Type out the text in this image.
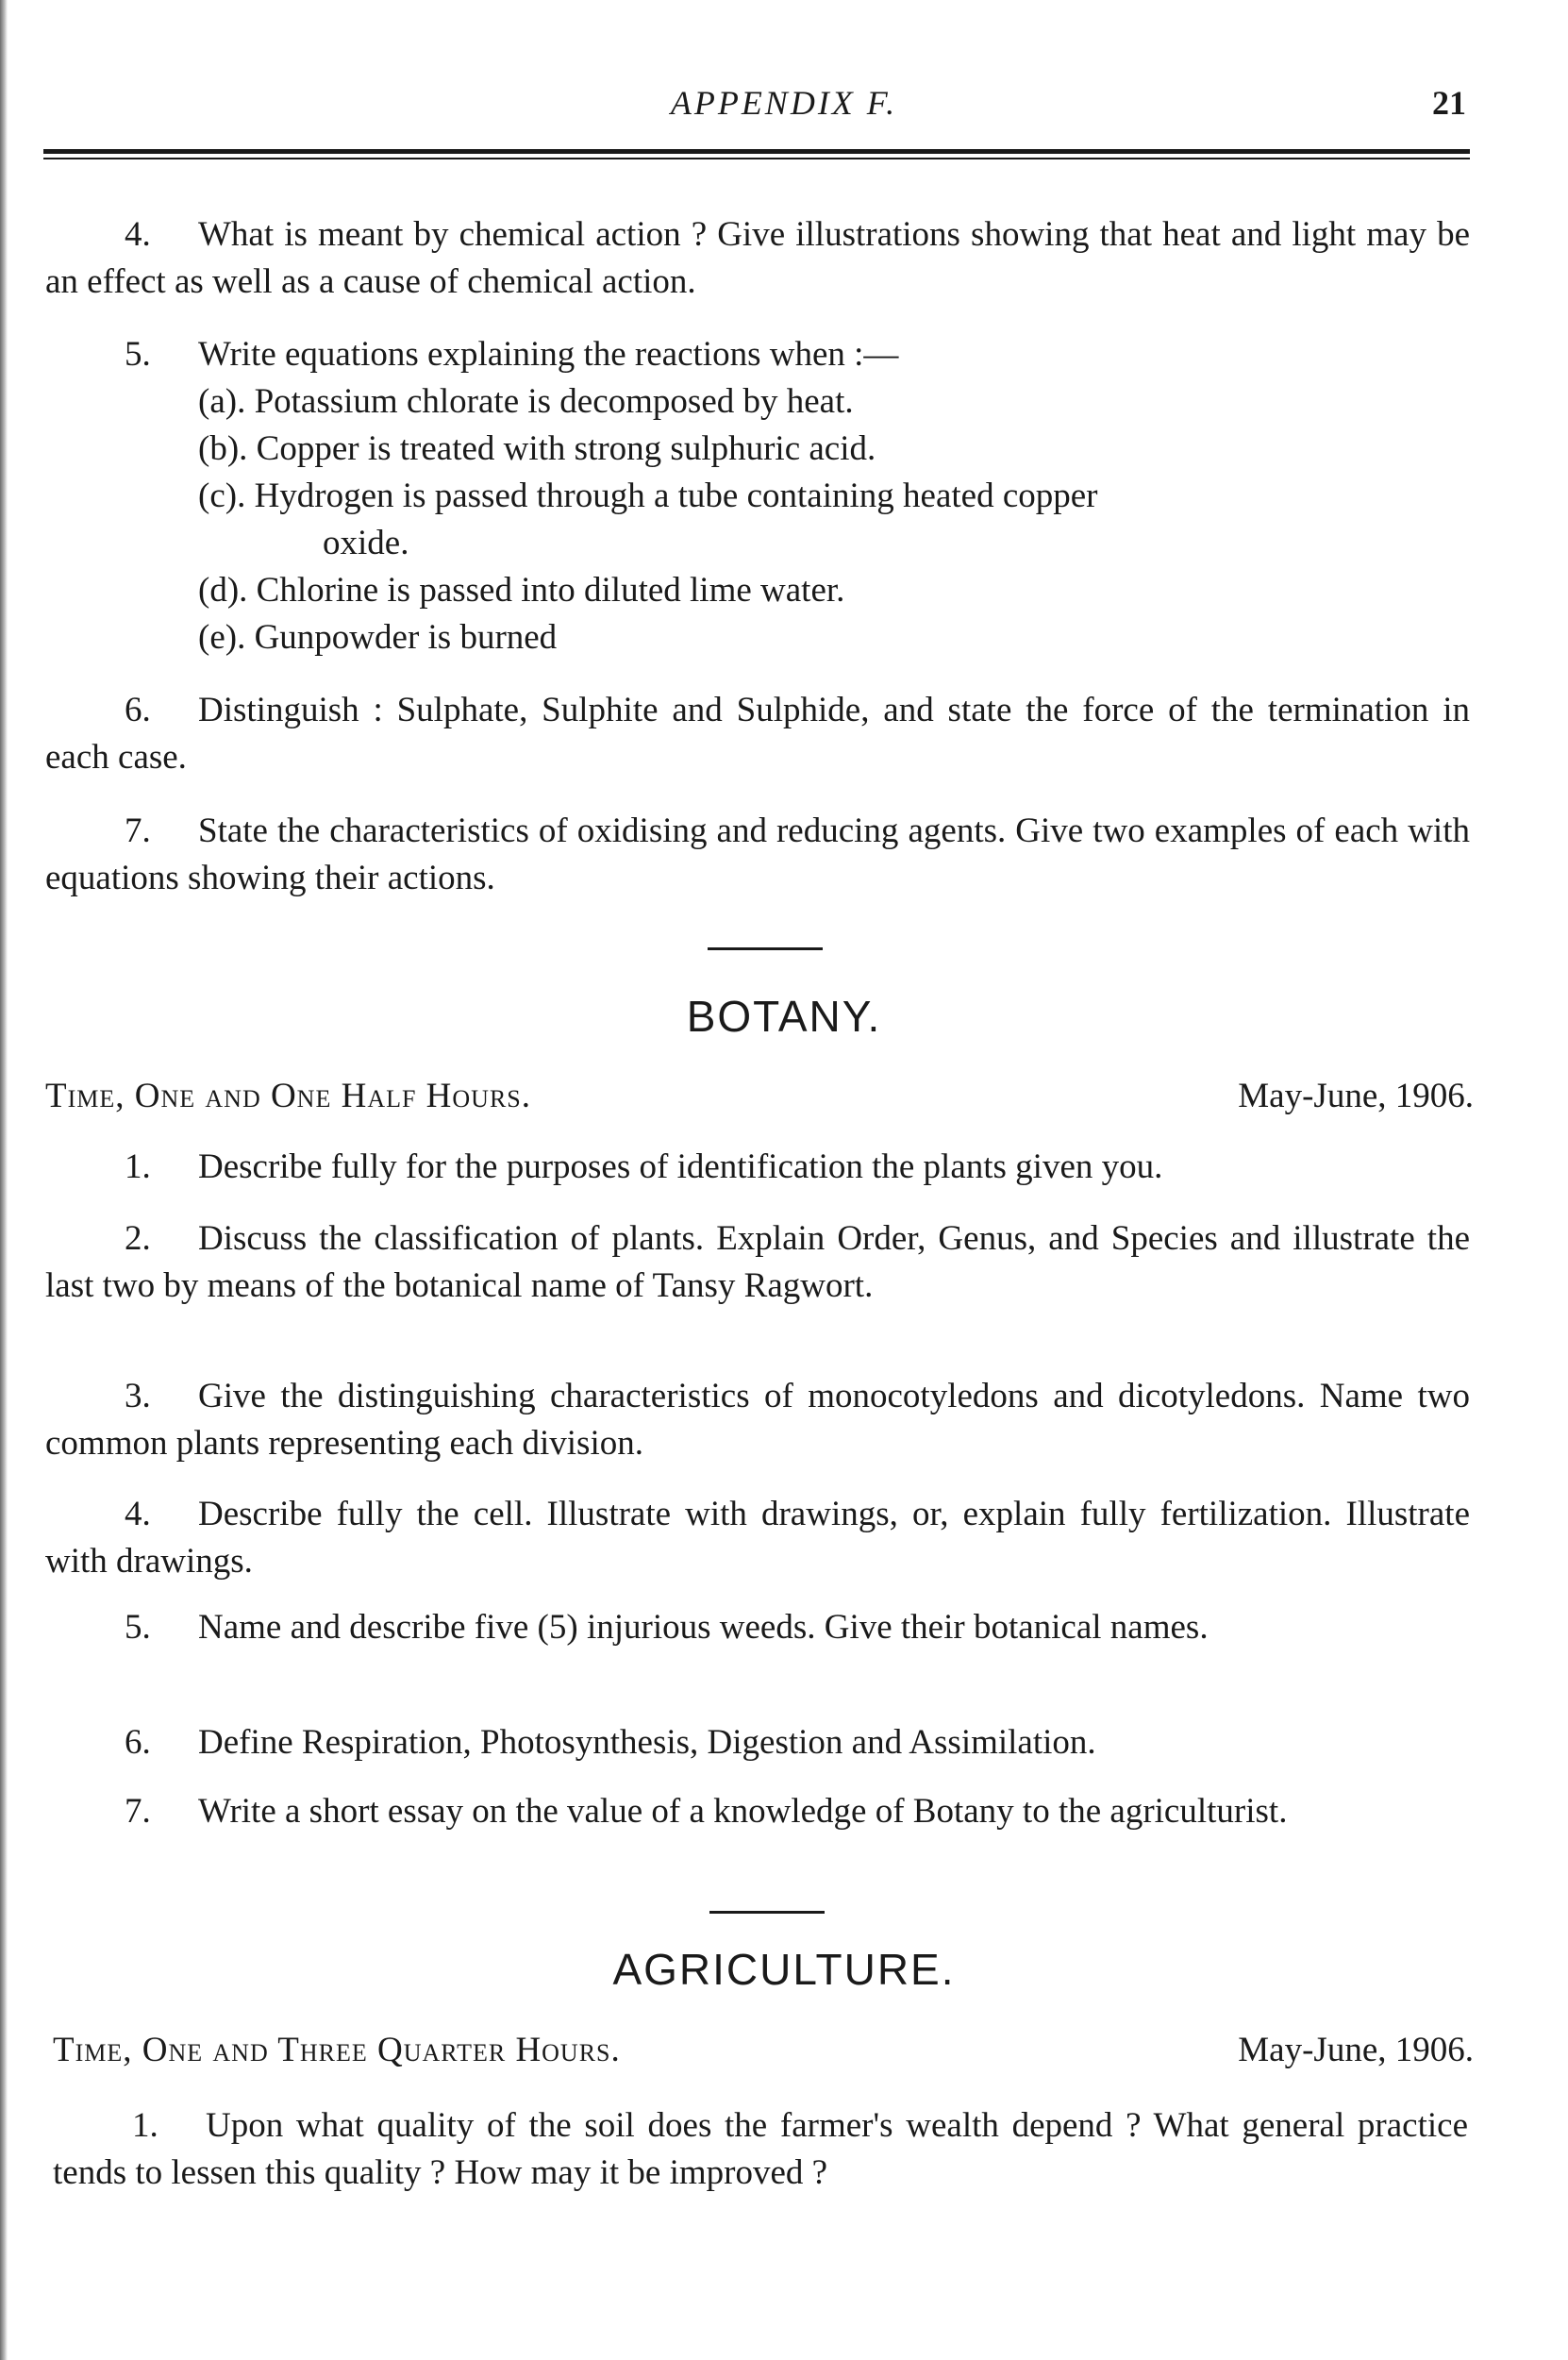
APPENDIX F.	21
4. What is meant by chemical action ? Give illustrations showing that heat and light may be an effect as well as a cause of chemical action.
5. Write equations explaining the reactions when :—
(a). Potassium chlorate is decomposed by heat.
(b). Copper is treated with strong sulphuric acid.
(c). Hydrogen is passed through a tube containing heated copper
oxide.
(d). Chlorine is passed into diluted lime water.
(e). Gunpowder is burned
6. Distinguish : Sulphate, Sulphite and Sulphide, and state the force of the termination in each case.
7. State the characteristics of oxidising and reducing agents. Give two examples of each with equations showing their actions.
BOTANY.
Time, One and One Half Hours.	May-June, 1906.
1. Describe fully for the purposes of identification the plants given you.
2. Discuss the classification of plants. Explain Order, Genus, and Species and illustrate the last two by means of the botanical name of Tansy Ragwort.
3. Give the distinguishing characteristics of monocotyledons and dicotyledons. Name two common plants representing each division.
4. Describe fully the cell. Illustrate with drawings, or, explain fully fertilization. Illustrate with drawings.
5. Name and describe five (5) injurious weeds. Give their botanical names.
6. Define Respiration, Photosynthesis, Digestion and Assimilation.
7. Write a short essay on the value of a knowledge of Botany to the agriculturist.
AGRICULTURE.
Time, One and Three Quarter Hours.	May-June, 1906.
1. Upon what quality of the soil does the farmer's wealth depend ? What general practice tends to lessen this quality ? How may it be improved ?
